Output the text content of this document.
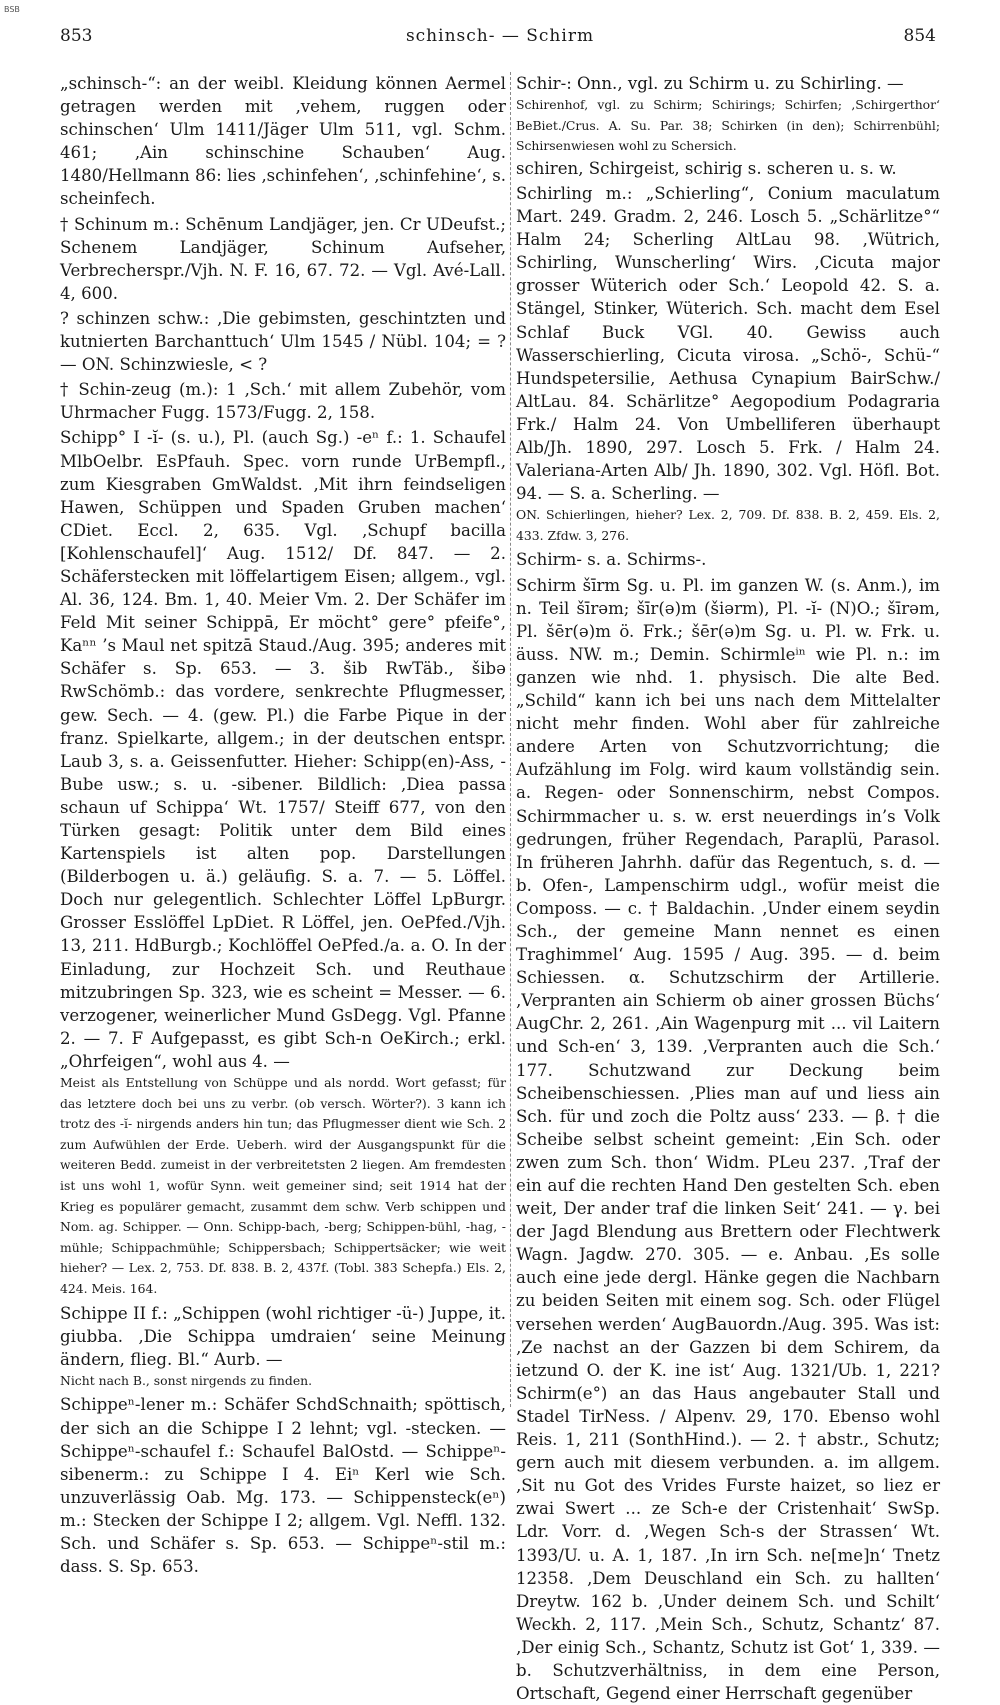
BSB
853	schinsch- — Schirm	854

„schinsch-“: an der weibl. Kleidung können Aermel getragen werden mit ‚vehem, ruggen oder schinschen‘ Ulm 1411/Jäger Ulm 511, vgl. Schm. 461; ‚Ain schinschine Schauben‘ Aug. 1480/Hellmann 86: lies ‚schinfehen‘, ‚schinfehine‘, s. scheinfech.

† Schinum m.: Schēnum Landjäger, jen. Cr UDeufst.; Schenem Landjäger, Schinum Aufseher, Verbrecherspr./Vjh. N. F. 16, 67. 72. — Vgl. Avé-Lall. 4, 600.

? schinzen schw.: ‚Die gebimsten, geschintzten und kutnierten Barchanttuch‘ Ulm 1545 / Nübl. 104; = ? — ON. Schinzwiesle, < ?

† Schin-zeug (m.): 1 ‚Sch.‘ mit allem Zubehör, vom Uhrmacher Fugg. 1573/Fugg. 2, 158.

Schipp° I -ĭ- (s. u.), Pl. (auch Sg.) -eⁿ f.: 1. Schaufel MlbOelbr. EsPfauh. Spec. vorn runde UrBempfl., zum Kiesgraben GmWaldst. ‚Mit ihrn feindseligen Hawen, Schüppen und Spaden Gruben machen‘ CDiet. Eccl. 2, 635. Vgl. ‚Schupf bacilla [Kohlenschaufel]‘ Aug. 1512/ Df. 847. — 2. Schäferstecken mit löffelartigem Eisen; allgem., vgl. Al. 36, 124. Bm. 1, 40. Meier Vm. 2. Der Schäfer im Feld Mit seiner Schippā, Er möcht° gere° pfeife°, Kaⁿⁿ ’s Maul net spitzā Staud./Aug. 395; anderes mit Schäfer s. Sp. 653. — 3. šib RwTäb., šibə RwSchömb.: das vordere, senkrechte Pflugmesser, gew. Sech. — 4. (gew. Pl.) die Farbe Pique in der franz. Spielkarte, allgem.; in der deutschen entspr. Laub 3, s. a. Geissenfutter. Hieher: Schipp(en)-Ass, -Bube usw.; s. u. -sibener. Bildlich: ‚Diea passa schaun uf Schippa‘ Wt. 1757/ Steiff 677, von den Türken gesagt: Politik unter dem Bild eines Kartenspiels ist alten pop. Darstellungen (Bilderbogen u. ä.) geläufig. S. a. 7. — 5. Löffel. Doch nur gelegentlich. Schlechter Löffel LpBurgr. Grosser Esslöffel LpDiet. R Löffel, jen. OePfed./Vjh. 13, 211. HdBurgb.; Kochlöffel OePfed./a. a. O. In der Einladung, zur Hochzeit Sch. und Reuthaue mitzubringen Sp. 323, wie es scheint = Messer. — 6. verzogener, weinerlicher Mund GsDegg. Vgl. Pfanne 2. — 7. F Aufgepasst, es gibt Sch-n OeKirch.; erkl. „Ohrfeigen“, wohl aus 4. —

Meist als Entstellung von Schüppe und als nordd. Wort gefasst; für das letztere doch bei uns zu verbr. (ob versch. Wörter?). 3 kann ich trotz des -ĭ- nirgends anders hin tun; das Pflugmesser dient wie Sch. 2 zum Aufwühlen der Erde. Ueberh. wird der Ausgangspunkt für die weiteren Bedd. zumeist in der verbreitetsten 2 liegen. Am fremdesten ist uns wohl 1, wofür Synn. weit gemeiner sind; seit 1914 hat der Krieg es populärer gemacht, zusammt dem schw. Verb schippen und Nom. ag. Schipper. — Onn. Schipp-bach, -berg; Schippen-bühl, -hag, -mühle; Schippachmühle; Schippersbach; Schippertsäcker; wie weit hieher? — Lex. 2, 753. Df. 838. B. 2, 437f. (Tobl. 383 Schepfa.) Els. 2, 424. Meis. 164.

Schippe II f.: „Schippen (wohl richtiger -ü-) Juppe, it. giubba. ‚Die Schippa umdraien‘ seine Meinung ändern, flieg. Bl.“ Aurb. —

Nicht nach B., sonst nirgends zu finden.

Schippeⁿ-lener m.: Schäfer SchdSchnaith; spöttisch, der sich an die Schippe I 2 lehnt; vgl. -stecken. — Schippeⁿ-schaufel f.: Schaufel BalOstd. — Schippeⁿ-sibenerm.: zu Schippe I 4. Eiⁿ Kerl wie Sch. unzuverlässig Oab. Mg. 173. — Schippensteck(eⁿ) m.: Stecken der Schippe I 2; allgem. Vgl. Neffl. 132. Sch. und Schäfer s. Sp. 653. — Schippeⁿ-stil m.: dass. S. Sp. 653.

Schir-: Onn., vgl. zu Schirm u. zu Schirling. —

Schirenhof, vgl. zu Schirm; Schirings; Schirfen; ‚Schirgerthor‘ BeBiet./Crus. A. Su. Par. 38; Schirken (in den); Schirrenbühl; Schirsenwiesen wohl zu Schersich.

schiren, Schirgeist, schirig s. scheren u. s. w.

Schirling m.: „Schierling“, Conium maculatum Mart. 249. Gradm. 2, 246. Losch 5. „Schärlitze°“ Halm 24; Scherling AltLau 98. ‚Wütrich, Schirling, Wunscherling‘ Wirs. ‚Cicuta major grosser Wüterich oder Sch.‘ Leopold 42. S. a. Stängel, Stinker, Wüterich. Sch. macht dem Esel Schlaf Buck VGl. 40. Gewiss auch Wasserschierling, Cicuta virosa. „Schö-, Schü-“ Hundspetersilie, Aethusa Cynapium BairSchw./ AltLau. 84. Schärlitze° Aegopodium Podagraria Frk./ Halm 24. Von Umbelliferen überhaupt Alb/Jh. 1890, 297. Losch 5. Frk. / Halm 24. Valeriana-Arten Alb/ Jh. 1890, 302. Vgl. Höfl. Bot. 94. — S. a. Scherling. —

ON. Schierlingen, hieher? Lex. 2, 709. Df. 838. B. 2, 459. Els. 2, 433. Zfdw. 3, 276.

Schirm- s. a. Schirms-.

Schirm šīrm Sg. u. Pl. im ganzen W. (s. Anm.), im n. Teil šīrəm; šīr(ə)m (šiərm), Pl. -ĭ- (N)O.; šīrəm, Pl. šēr(ə)m ö. Frk.; šēr(ə)m Sg. u. Pl. w. Frk. u. äuss. NW. m.; Demin. Schirmleⁱⁿ wie Pl. n.: im ganzen wie nhd. 1. physisch. Die alte Bed. „Schild“ kann ich bei uns nach dem Mittelalter nicht mehr finden. Wohl aber für zahlreiche andere Arten von Schutzvorrichtung; die Aufzählung im Folg. wird kaum vollständig sein. a. Regen- oder Sonnenschirm, nebst Compos. Schirmmacher u. s. w. erst neuerdings in’s Volk gedrungen, früher Regendach, Paraplü, Parasol. In früheren Jahrhh. dafür das Regentuch, s. d. — b. Ofen-, Lampenschirm udgl., wofür meist die Composs. — c. † Baldachin. ‚Under einem seydin Sch., der gemeine Mann nennet es einen Traghimmel‘ Aug. 1595 / Aug. 395. — d. beim Schiessen. α. Schutzschirm der Artillerie. ‚Verpranten ain Schierm ob ainer grossen Büchs‘ AugChr. 2, 261. ‚Ain Wagenpurg mit ... vil Laitern und Sch-en‘ 3, 139. ‚Verpranten auch die Sch.‘ 177. Schutzwand zur Deckung beim Scheibenschiessen. ‚Plies man auf und liess ain Sch. für und zoch die Poltz auss‘ 233. — β. † die Scheibe selbst scheint gemeint: ‚Ein Sch. oder zwen zum Sch. thon‘ Widm. PLeu 237. ‚Traf der ein auf die rechten Hand Den gestelten Sch. eben weit, Der ander traf die linken Seit‘ 241. — γ. bei der Jagd Blendung aus Brettern oder Flechtwerk Wagn. Jagdw. 270. 305. — e. Anbau. ‚Es solle auch eine jede dergl. Hänke gegen die Nachbarn zu beiden Seiten mit einem sog. Sch. oder Flügel versehen werden‘ AugBauordn./Aug. 395. Was ist: ‚Ze nachst an der Gazzen bi dem Schirem, da ietzund O. der K. ine ist‘ Aug. 1321/Ub. 1, 221? Schirm(e°) an das Haus angebauter Stall und Stadel TirNess. / Alpenv. 29, 170. Ebenso wohl Reis. 1, 211 (SonthHind.). — 2. † abstr., Schutz; gern auch mit diesem verbunden. a. im allgem. ‚Sit nu Got des Vrides Furste haizet, so liez er zwai Swert ... ze Sch-e der Cristenhait‘ SwSp. Ldr. Vorr. d. ‚Wegen Sch-s der Strassen‘ Wt. 1393/U. u. A. 1, 187. ‚In irn Sch. ne[me]n‘ Tnetz 12358. ‚Dem Deuschland ein Sch. zu hallten‘ Dreytw. 162 b. ‚Under deinem Sch. und Schilt‘ Weckh. 2, 117. ‚Mein Sch., Schutz, Schantz‘ 87. ‚Der einig Sch., Schantz, Schutz ist Got‘ 1, 339. — b. Schutzverhältniss, in dem eine Person, Ortschaft, Gegend einer Herrschaft gegenüber
